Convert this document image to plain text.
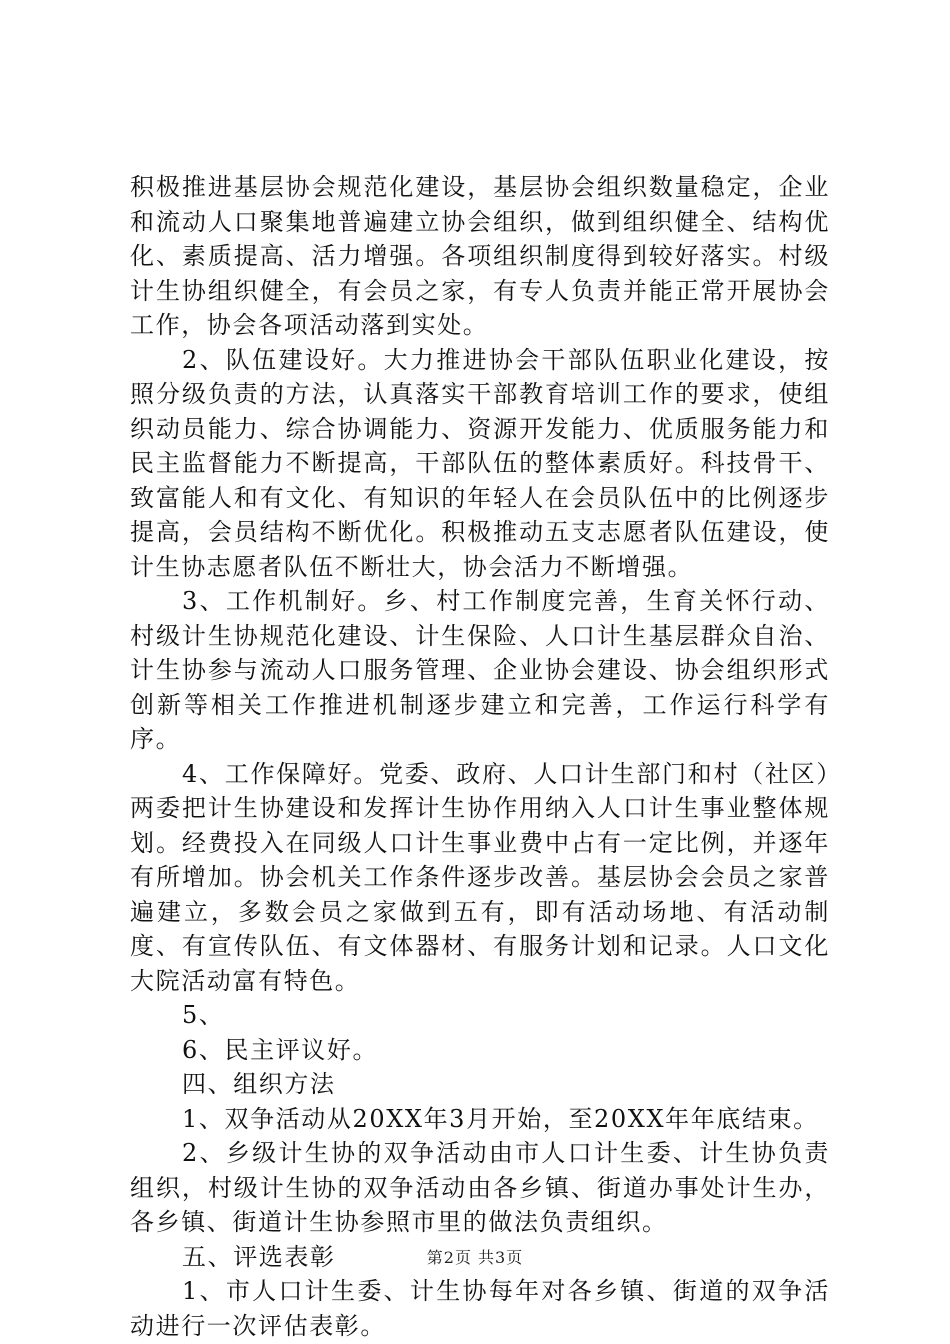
积极推进基层协会规范化建设，基层协会组织数量稳定，企业和流动人口聚集地普遍建立协会组织，做到组织健全、结构优化、素质提高、活力增强。各项组织制度得到较好落实。村级计生协组织健全，有会员之家，有专人负责并能正常开展协会工作，协会各项活动落到实处。

2、队伍建设好。大力推进协会干部队伍职业化建设，按照分级负责的方法，认真落实干部教育培训工作的要求，使组织动员能力、综合协调能力、资源开发能力、优质服务能力和民主监督能力不断提高，干部队伍的整体素质好。科技骨干、致富能人和有文化、有知识的年轻人在会员队伍中的比例逐步提高，会员结构不断优化。积极推动五支志愿者队伍建设，使计生协志愿者队伍不断壮大，协会活力不断增强。

3、工作机制好。乡、村工作制度完善，生育关怀行动、村级计生协规范化建设、计生保险、人口计生基层群众自治、计生协参与流动人口服务管理、企业协会建设、协会组织形式创新等相关工作推进机制逐步建立和完善，工作运行科学有序。

4、工作保障好。党委、政府、人口计生部门和村（社区）两委把计生协建设和发挥计生协作用纳入人口计生事业整体规划。经费投入在同级人口计生事业费中占有一定比例，并逐年有所增加。协会机关工作条件逐步改善。基层协会会员之家普遍建立，多数会员之家做到五有，即有活动场地、有活动制度、有宣传队伍、有文体器材、有服务计划和记录。人口文化大院活动富有特色。

5、

6、民主评议好。

四、组织方法

1、双争活动从20XX年3月开始，至20XX年年底结束。

2、乡级计生协的双争活动由市人口计生委、计生协负责组织，村级计生协的双争活动由各乡镇、街道办事处计生办，各乡镇、街道计生协参照市里的做法负责组织。

五、评选表彰

1、市人口计生委、计生协每年对各乡镇、街道的双争活动进行一次评估表彰。

第2页 共3页
